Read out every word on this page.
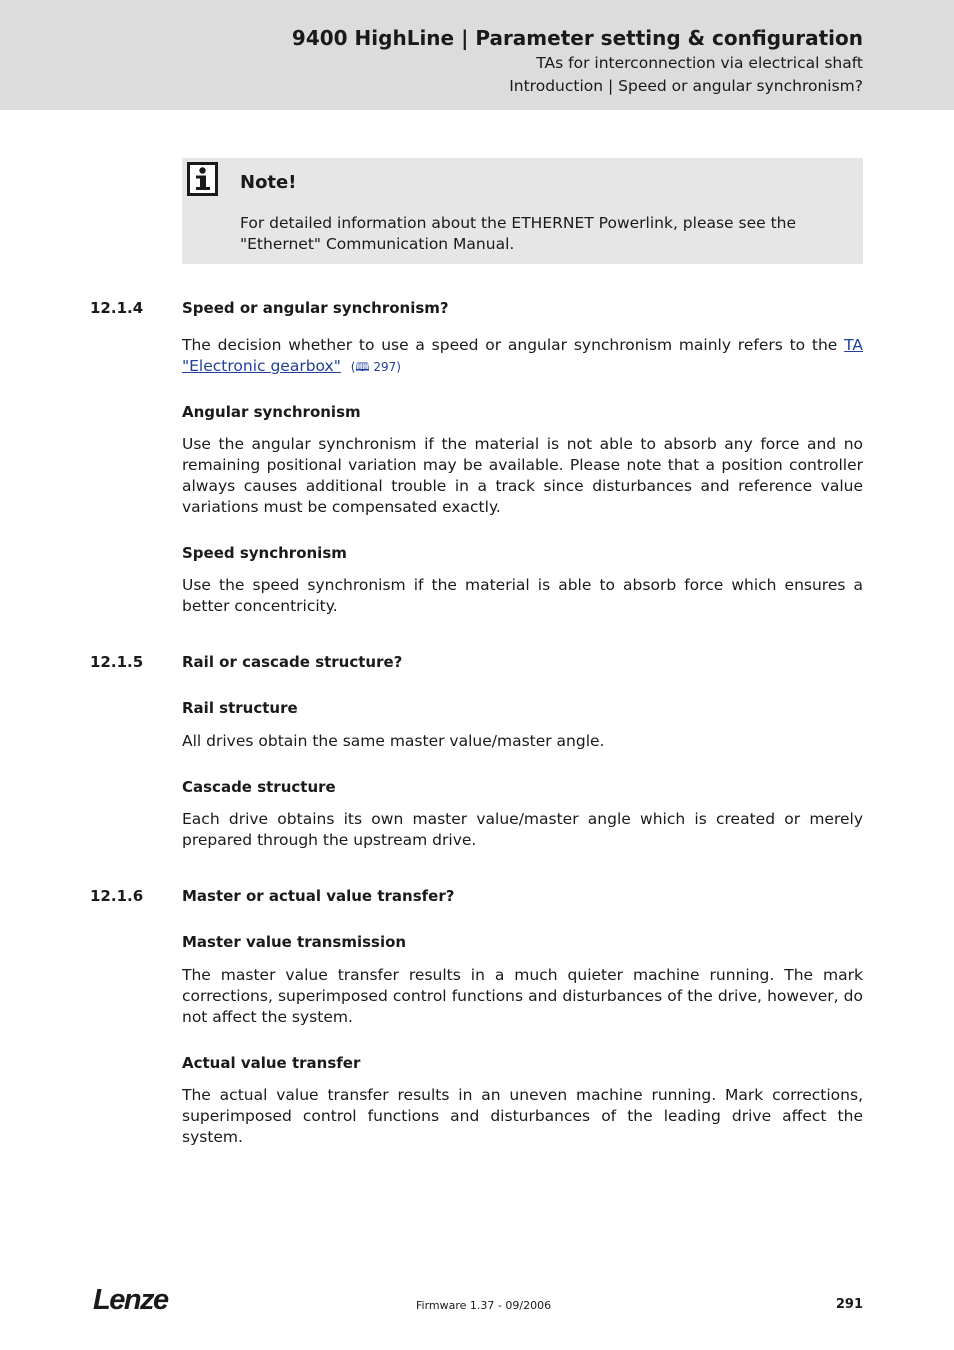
9400 HighLine | Parameter setting & configuration
TAs for interconnection via electrical shaft
Introduction | Speed or angular synchronism?
Note!
For detailed information about the ETHERNET Powerlink, please see the
"Ethernet" Communication Manual.
12.1.4	Speed or angular synchronism?
The decision whether to use a speed or angular synchronism mainly refers to the TA "Electronic gearbox" (🕮 297)
Angular synchronism
Use the angular synchronism if the material is not able to absorb any force and no remaining positional variation may be available. Please note that a position controller always causes additional trouble in a track since disturbances and reference value variations must be compensated exactly.
Speed synchronism
Use the speed synchronism if the material is able to absorb force which ensures a better concentricity.
12.1.5	Rail or cascade structure?
Rail structure
All drives obtain the same master value/master angle.
Cascade structure
Each drive obtains its own master value/master angle which is created or merely prepared through the upstream drive.
12.1.6	Master or actual value transfer?
Master value transmission
The master value transfer results in a much quieter machine running. The mark corrections, superimposed control functions and disturbances of the drive, however, do not affect the system.
Actual value transfer
The actual value transfer results in an uneven machine running. Mark corrections, superimposed control functions and disturbances of the leading drive affect the system.
Lenze	Firmware 1.37 - 09/2006	291
